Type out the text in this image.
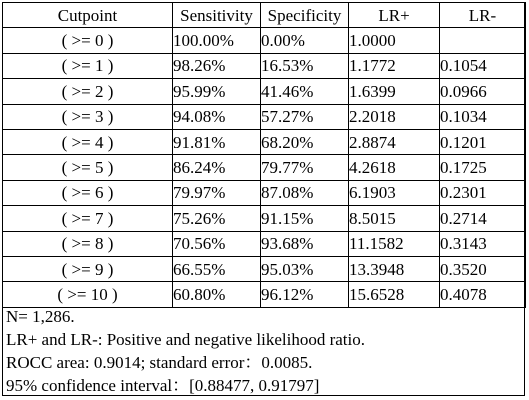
Cutpoint	Sensitivity	Specificity	LR+	LR-
( >= 0 )	100.00%	0.00%	1.0000	
( >= 1 )	98.26%	16.53%	1.1772	0.1054
( >= 2 )	95.99%	41.46%	1.6399	0.0966
( >= 3 )	94.08%	57.27%	2.2018	0.1034
( >= 4 )	91.81%	68.20%	2.8874	0.1201
( >= 5 )	86.24%	79.77%	4.2618	0.1725
( >= 6 )	79.97%	87.08%	6.1903	0.2301
( >= 7 )	75.26%	91.15%	8.5015	0.2714
( >= 8 )	70.56%	93.68%	11.1582	0.3143
( >= 9 )	66.55%	95.03%	13.3948	0.3520
( >= 10 )	60.80%	96.12%	15.6528	0.4078
N= 1,286.
LR+ and LR-: Positive and negative likelihood ratio.
ROCC area: 0.9014; standard error：0.0085.
95% confidence interval：[0.88477, 0.91797]
